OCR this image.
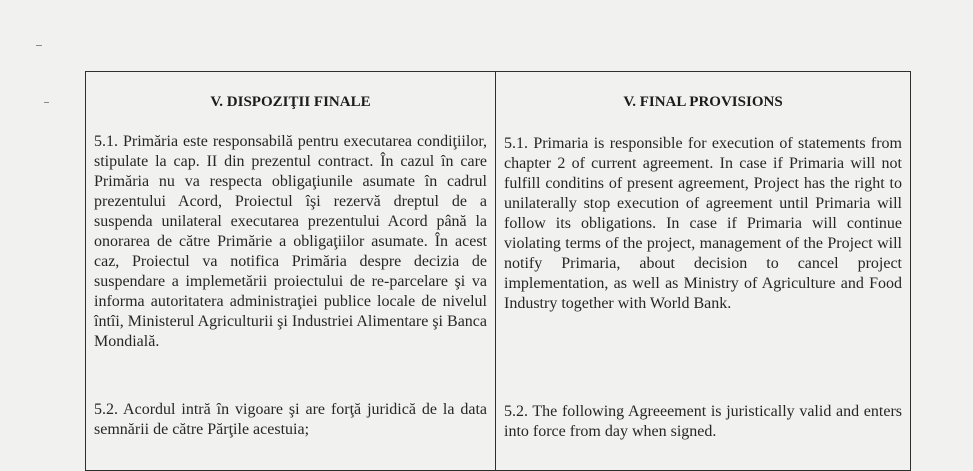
V. DISPOZIŢII FINALE
5.1. Primăria este responsabilă pentru executarea condiţiilor, stipulate la cap. II din prezentul contract. În cazul în care Primăria nu va respecta obligaţiunile asumate în cadrul prezentului Acord, Proiectul îşi rezervă dreptul de a suspenda unilateral executarea prezentului Acord până la onorarea de către Primărie a obligaţiilor asumate. În acest caz, Proiectul va notifica Primăria despre decizia de suspendare a implemetării proiectului de re-parcelare şi va informa autoritatera administraţiei publice locale de nivelul întîi, Ministerul Agriculturii şi Industriei Alimentare şi Banca Mondială.
5.2. Acordul intră în vigoare şi are forţă juridică de la data semnării de către Părţile acestuia;
V. FINAL PROVISIONS
5.1. Primaria is responsible for execution of statements from chapter 2 of current agreement. In case if Primaria will not fulfill conditins of present agreement, Project has the right to unilaterally stop execution of agreement until Primaria will follow its obligations. In case if Primaria will continue violating terms of the project, management of the Project will notify Primaria, about decision to cancel project implementation, as well as Ministry of Agriculture and Food Industry together with World Bank.
5.2. The following Agreeement is juristically valid and enters into force from day when signed.
